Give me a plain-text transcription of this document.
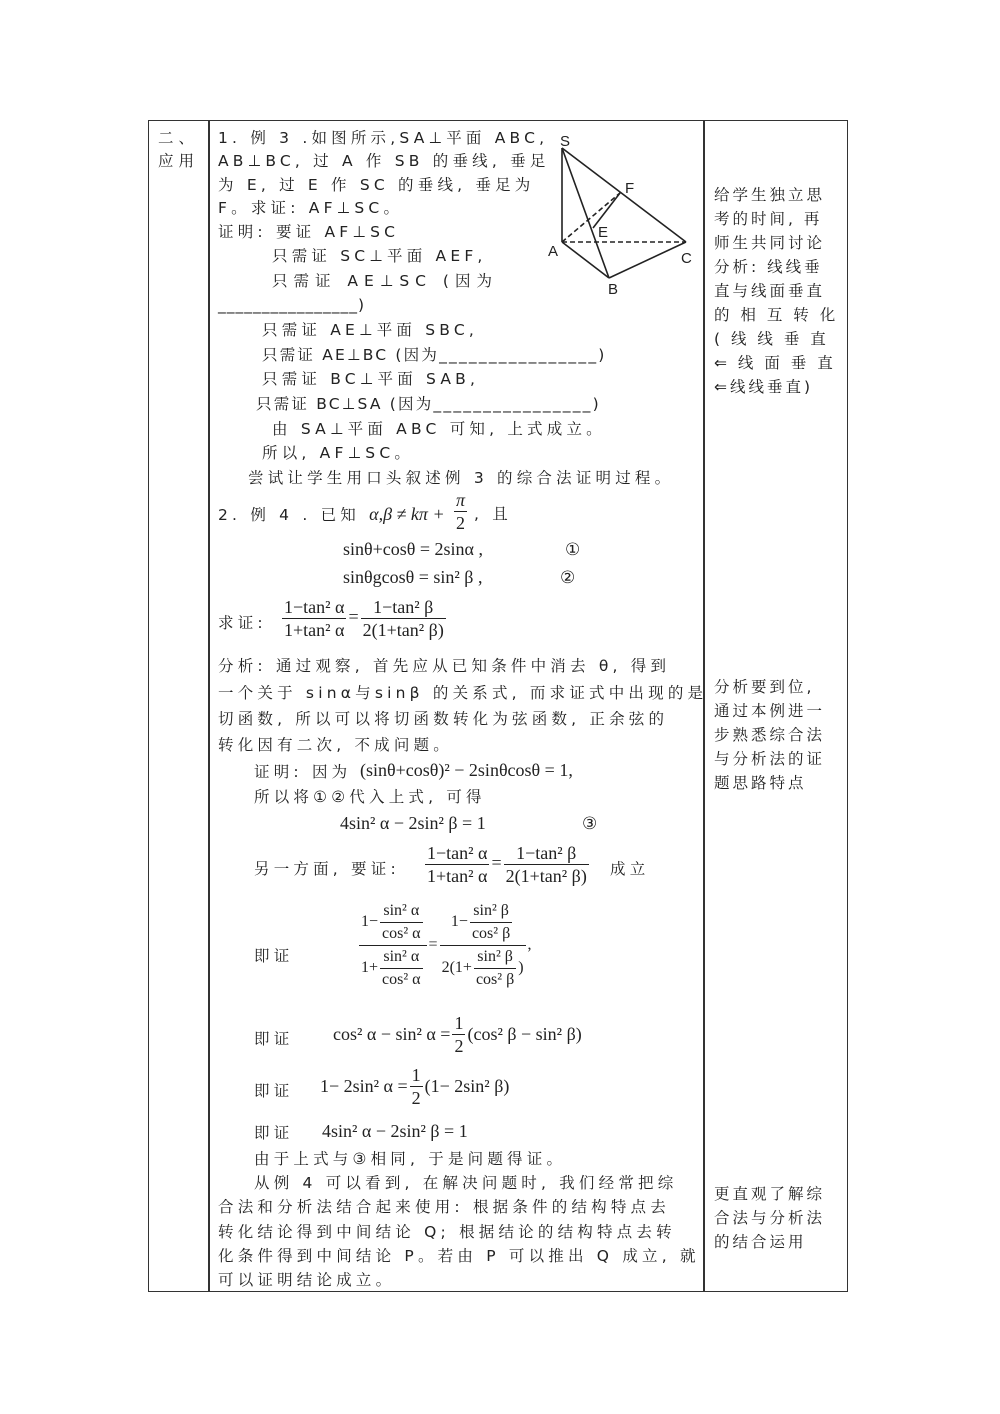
二、
应用
1. 例 3 .如图所示,SA⊥平面 ABC,
AB⊥BC, 过 A 作 SB 的垂线, 垂足
为 E, 过 E 作 SC 的垂线, 垂足为
F。求证: AF⊥SC。
证明: 要证 AF⊥SC
只需证 SC⊥平面 AEF,
只需证 AE⊥SC (因为
________________)
只需证 AE⊥平面 SBC,
只需证 AE⊥BC (因为________________)
只需证 BC⊥平面 SAB,
只需证 BC⊥SA (因为________________)
由 SA⊥平面 ABC 可知, 上式成立。
所以, AF⊥SC。
尝试让学生用口头叙述例 3 的综合法证明过程。
S
F
E
A	C
B
2. 例 4 . 已知 $\alpha,\beta \ne k\pi + \frac{\pi}{2}$ , 且
sinθ+cosθ = 2sinα ,	①
sinθgcosθ = sin² β ,	②
求证: $\frac{\text{1−tan² α}}{\text{1+tan² α}} = \frac{\text{1−tan² β}}{\text{2(1+tan² β)}}$
分析: 通过观察, 首先应从已知条件中消去 θ, 得到
一个关于 sinα与sinβ 的关系式, 而求证式中出现的是
切函数, 所以可以将切函数转化为弦函数, 正余弦的
转化因有二次, 不成问题。
证明: 因为 (sinθ+cosθ)² − 2sinθcosθ = 1,
所以将①②代入上式, 可得
4sin² α − 2sin² β = 1	③
另一方面, 要证: $\frac{\text{1−tan² α}}{\text{1+tan² α}} = \frac{\text{1−tan² β}}{\text{2(1+tan² β)}}$ 成立
即证	$\frac{1- \frac{\text{sin² α}}{\text{cos² α}}}{1+ \frac{\text{sin² α}}{\text{cos² α}}} = \frac{1- \frac{\text{sin² β}}{\text{cos² β}}}{2(1+ \frac{\text{sin² β}}{\text{cos² β}} )}$ ,
即证 cos² α − sin² $\alpha = \frac{1}{2} (\cos^2$ β − sin² β)
即证 1− 2sin² $\alpha = \frac{1}{2} (1- 2\sin^2$ β)
即证 4sin² α − 2sin² β = 1
由于上式与③相同, 于是问题得证。
从例 4 可以看到, 在解决问题时, 我们经常把综
合法和分析法结合起来使用: 根据条件的结构特点去
转化结论得到中间结论 Q; 根据结论的结构特点去转
化条件得到中间结论 P。若由 P 可以推出 Q 成立, 就
可以证明结论成立。
给学生独立思
考的时间, 再
师生共同讨论
分析: 线线垂
直与线面垂直
的 相 互 转 化
( 线 线 垂 直
⇐ 线 面 垂 直
⇐线线垂直)
分析要到位,
通过本例进一
步熟悉综合法
与分析法的证
题思路特点
更直观了解综
合法与分析法
的结合运用
